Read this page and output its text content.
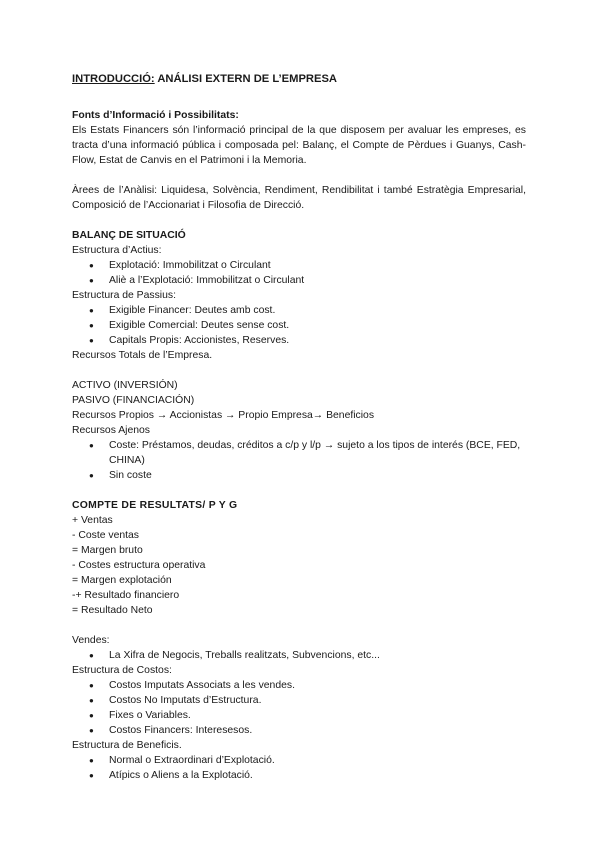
INTRODUCCIÓ: ANÁLISI EXTERN DE L’EMPRESA

Fonts d’Informació i Possibilitats:

Els Estats Financers són l’informació principal de la que disposem per avaluar les empreses, es tracta d’una informació pública i composada pel: Balanç, el Compte de Pèrdues i Guanys, Cash-Flow, Estat de Canvis en el Patrimoni i la Memoria.

Àrees de l’Anàlisi: Liquidesa, Solvència, Rendiment, Rendibilitat i també Estratègia Empresarial, Composició de l’Accionariat i Filosofia de Direcció.

BALANÇ DE SITUACIÓ

Estructura d’Actius:

● Explotació: Immobilitzat o Circulant
● Aliè a l’Explotació: Immobilitzat o Circulant

Estructura de Passius:

● Exigible Financer: Deutes amb cost.
● Exigible Comercial: Deutes sense cost.
● Capitals Propis: Accionistes, Reserves.

Recursos Totals de l’Empresa.

ACTIVO (INVERSIÓN)

PASIVO (FINANCIACIÓN)

Recursos Propios → Accionistas → Propio Empresa→ Beneficios

Recursos Ajenos

● Coste: Préstamos, deudas, créditos a c/p y l/p → sujeto a los tipos de interés (BCE, FED, CHINA)
● Sin coste

COMPTE DE RESULTATS/ P Y G

+ Ventas

- Coste ventas

= Margen bruto

- Costes estructura operativa

= Margen explotación

-+ Resultado financiero

= Resultado Neto

Vendes:

● La Xifra de Negocis, Treballs realitzats, Subvencions, etc...

Estructura de Costos:

● Costos Imputats Associats a les vendes.
● Costos No Imputats d’Estructura.
● Fixes o Variables.
● Costos Financers: Interesesos.

Estructura de Beneficis.

● Normal o Extraordinari d’Explotació.
● Atípics o Aliens a la Explotació.
